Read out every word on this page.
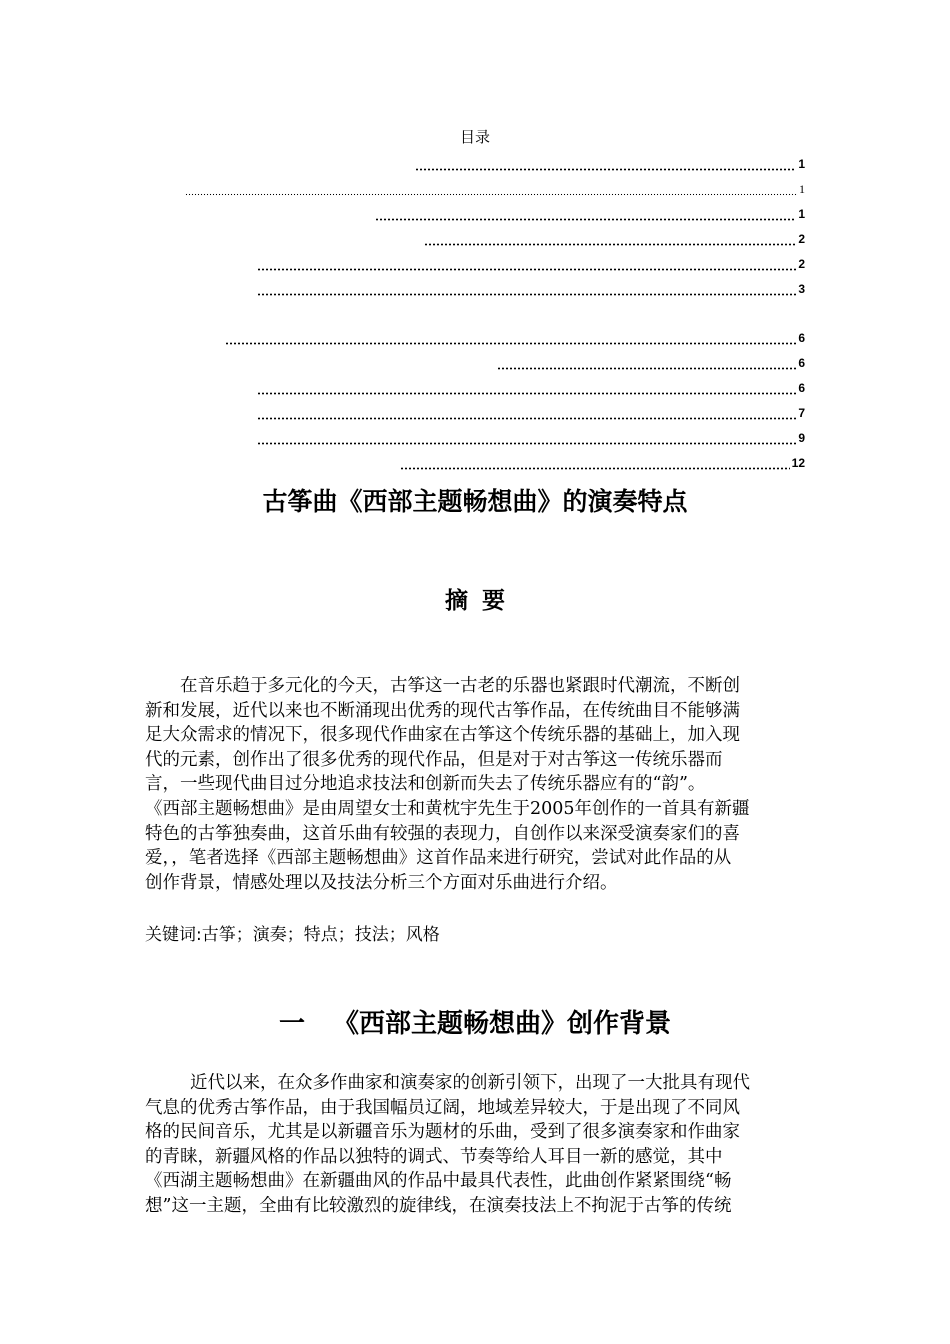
目录
1
1
1
2
2
3
6
6
6
7
9
12
古筝曲《西部主题畅想曲》的演奏特点
摘要
在音乐趋于多元化的今天，古筝这一古老的乐器也紧跟时代潮流，不断创
新和发展，近代以来也不断涌现出优秀的现代古筝作品，在传统曲目不能够满
足大众需求的情况下，很多现代作曲家在古筝这个传统乐器的基础上，加入现
代的元素，创作出了很多优秀的现代作品，但是对于对古筝这一传统乐器而
言，一些现代曲目过分地追求技法和创新而失去了传统乐器应有的“韵”。
《西部主题畅想曲》是由周望女士和黄枕宇先生于2005年创作的一首具有新疆
特色的古筝独奏曲，这首乐曲有较强的表现力，自创作以来深受演奏家们的喜
爱，，笔者选择《西部主题畅想曲》这首作品来进行研究，尝试对此作品的从
创作背景，情感处理以及技法分析三个方面对乐曲进行介绍。
关键词:古筝；演奏；特点；技法；风格
一 《西部主题畅想曲》创作背景
近代以来，在众多作曲家和演奏家的创新引领下，出现了一大批具有现代
气息的优秀古筝作品，由于我国幅员辽阔，地域差异较大，于是出现了不同风
格的民间音乐，尤其是以新疆音乐为题材的乐曲，受到了很多演奏家和作曲家
的青睐，新疆风格的作品以独特的调式、节奏等给人耳目一新的感觉，其中
《西湖主题畅想曲》在新疆曲风的作品中最具代表性，此曲创作紧紧围绕“畅
想”这一主题，全曲有比较激烈的旋律线，在演奏技法上不拘泥于古筝的传统
